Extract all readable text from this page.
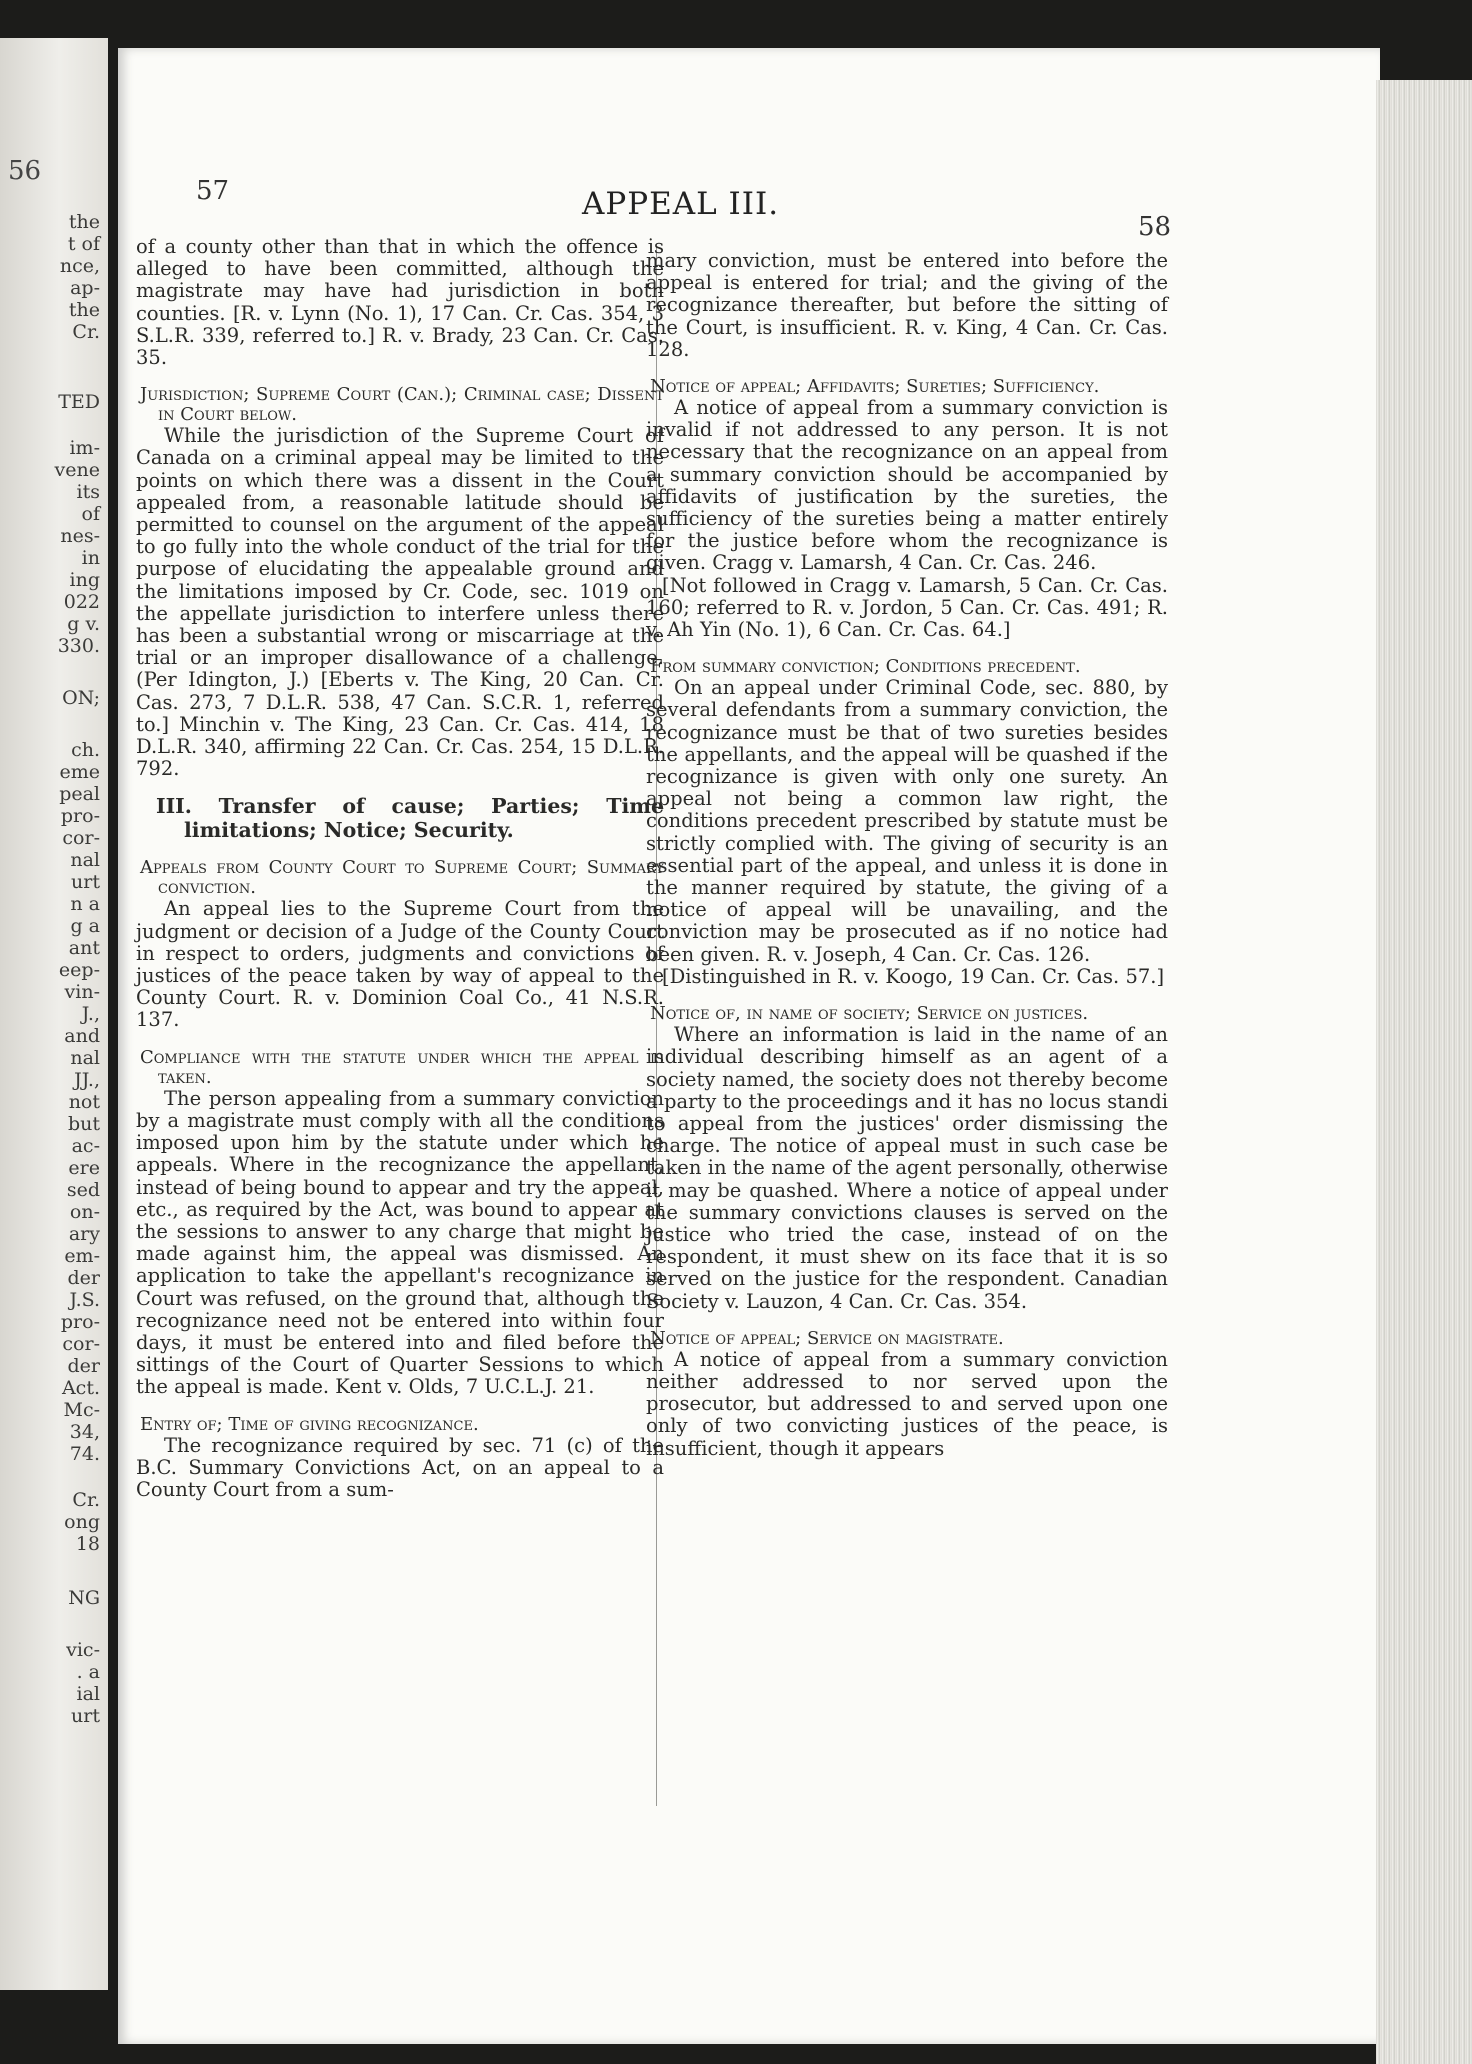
56
the
t of
nce,
ap-
the
Cr.
TED
im-
vene
its
of
nes-
in
ing
022
g v.
330.
ON;
ch.
eme
peal
pro-
cor-
nal
urt
n a
g a
ant
eep-
vin-
J.,
and
nal
JJ.,
not
but
ac-
ere
sed
on-
ary
em-
der
J.S.
pro-
cor-
der
Act.
Mc-
34,
74.
Cr.
ong
18
NG
vic-
. a
ial
urt
57	APPEAL III.
58

of a county other than that in which the offence is alleged to have been committed, although the magistrate may have had jurisdiction in both counties. [R. v. Lynn (No. 1), 17 Can. Cr. Cas. 354, 3 S.L.R. 339, referred to.] R. v. Brady, 23 Can. Cr. Cas. 35.

Jurisdiction; Supreme Court (Can.); Criminal case; Dissent in Court below.

While the jurisdiction of the Supreme Court of Canada on a criminal appeal may be limited to the points on which there was a dissent in the Court appealed from, a reasonable latitude should be permitted to counsel on the argument of the appeal to go fully into the whole conduct of the trial for the purpose of elucidating the appealable ground and the limitations imposed by Cr. Code, sec. 1019 on the appellate jurisdiction to interfere unless there has been a substantial wrong or miscarriage at the trial or an improper disallowance of a challenge. (Per Idington, J.) [Eberts v. The King, 20 Can. Cr. Cas. 273, 7 D.L.R. 538, 47 Can. S.C.R. 1, referred to.] Minchin v. The King, 23 Can. Cr. Cas. 414, 18 D.L.R. 340, affirming 22 Can. Cr. Cas. 254, 15 D.L.R. 792.

III. Transfer of cause; Parties; Time limitations; Notice; Security.

Appeals from County Court to Supreme Court; Summary conviction.

An appeal lies to the Supreme Court from the judgment or decision of a Judge of the County Court in respect to orders, judgments and convictions of justices of the peace taken by way of appeal to the County Court. R. v. Dominion Coal Co., 41 N.S.R. 137.

Compliance with the statute under which the appeal is taken.

The person appealing from a summary conviction by a magistrate must comply with all the conditions imposed upon him by the statute under which he appeals. Where in the recognizance the appellant, instead of being bound to appear and try the appeal, etc., as required by the Act, was bound to appear at the sessions to answer to any charge that might be made against him, the appeal was dismissed. An application to take the appellant's recognizance in Court was refused, on the ground that, although the recognizance need not be entered into within four days, it must be entered into and filed before the sittings of the Court of Quarter Sessions to which the appeal is made. Kent v. Olds, 7 U.C.L.J. 21.

Entry of; Time of giving recognizance.

The recognizance required by sec. 71 (c) of the B.C. Summary Convictions Act, on an appeal to a County Court from a sum-

mary conviction, must be entered into before the appeal is entered for trial; and the giving of the recognizance thereafter, but before the sitting of the Court, is insufficient. R. v. King, 4 Can. Cr. Cas. 128.

Notice of appeal; Affidavits; Sureties; Sufficiency.

A notice of appeal from a summary conviction is invalid if not addressed to any person. It is not necessary that the recognizance on an appeal from a summary conviction should be accompanied by affidavits of justification by the sureties, the sufficiency of the sureties being a matter entirely for the justice before whom the recognizance is given. Cragg v. Lamarsh, 4 Can. Cr. Cas. 246.

[Not followed in Cragg v. Lamarsh, 5 Can. Cr. Cas. 160; referred to R. v. Jordon, 5 Can. Cr. Cas. 491; R. v. Ah Yin (No. 1), 6 Can. Cr. Cas. 64.]

From summary conviction; Conditions precedent.

On an appeal under Criminal Code, sec. 880, by several defendants from a summary conviction, the recognizance must be that of two sureties besides the appellants, and the appeal will be quashed if the recognizance is given with only one surety. An appeal not being a common law right, the conditions precedent prescribed by statute must be strictly complied with. The giving of security is an essential part of the appeal, and unless it is done in the manner required by statute, the giving of a notice of appeal will be unavailing, and the conviction may be prosecuted as if no notice had been given. R. v. Joseph, 4 Can. Cr. Cas. 126.

[Distinguished in R. v. Koogo, 19 Can. Cr. Cas. 57.]

Notice of, in name of society; Service on justices.

Where an information is laid in the name of an individual describing himself as an agent of a society named, the society does not thereby become a party to the proceedings and it has no locus standi to appeal from the justices' order dismissing the charge. The notice of appeal must in such case be taken in the name of the agent personally, otherwise it may be quashed. Where a notice of appeal under the summary convictions clauses is served on the justice who tried the case, instead of on the respondent, it must shew on its face that it is so served on the justice for the respondent. Canadian Society v. Lauzon, 4 Can. Cr. Cas. 354.

Notice of appeal; Service on magistrate.

A notice of appeal from a summary conviction neither addressed to nor served upon the prosecutor, but addressed to and served upon one only of two convicting justices of the peace, is insufficient, though it appears
